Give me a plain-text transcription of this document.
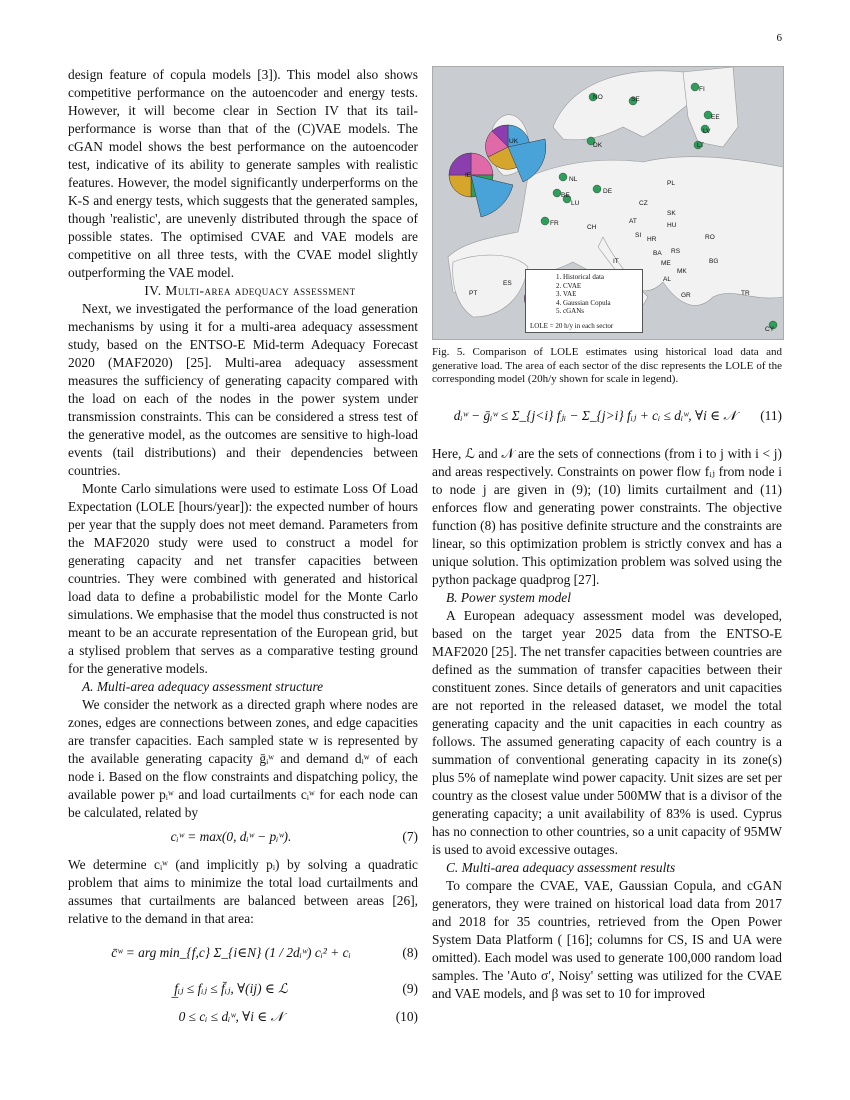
6

design feature of copula models [3]). This model also shows competitive performance on the autoencoder and energy tests. However, it will become clear in Section IV that its tail-performance is worse than that of the (C)VAE models. The cGAN model shows the best performance on the autoencoder test, indicative of its ability to generate samples with realistic features. However, the model significantly underperforms on the K-S and energy tests, which suggests that the generated samples, though 'realistic', are unevenly distributed through the space of possible states. The optimised CVAE and VAE models are competitive on all three tests, with the CVAE model slightly outperforming the VAE model.

IV. Multi-area adequacy assessment

Next, we investigated the performance of the load generation mechanisms by using it for a multi-area adequacy assessment study, based on the ENTSO-E Mid-term Adequacy Forecast 2020 (MAF2020) [25]. Multi-area adequacy assessment measures the sufficiency of generating capacity compared with the load on each of the nodes in the power system under transmission constraints. This can be considered a stress test of the generative model, as the outcomes are sensitive to high-load events (tail distributions) and their dependencies between countries.

Monte Carlo simulations were used to estimate Loss Of Load Expectation (LOLE [hours/year]): the expected number of hours per year that the supply does not meet demand. Parameters from the MAF2020 study were used to construct a model for generating capacity and net transfer capacities between countries. They were combined with generated and historical load data to define a probabilistic model for the Monte Carlo simulations. We emphasise that the model thus constructed is not meant to be an accurate representation of the European grid, but a stylised problem that serves as a comparative testing ground for the generative models.

A. Multi-area adequacy assessment structure

We consider the network as a directed graph where nodes are zones, edges are connections between zones, and edge capacities are transfer capacities. Each sampled state w is represented by the available generating capacity ḡᵢʷ and demand dᵢʷ of each node i. Based on the flow constraints and dispatching policy, the available power pᵢʷ and load curtailments cᵢʷ for each node can be calculated, related by

cᵢʷ = max(0, dᵢʷ − pᵢʷ).	(7)

We determine cᵢʷ (and implicitly pᵢ) by solving a quadratic problem that aims to minimize the total load curtailments and assumes that curtailments are balanced between areas [26], relative to the demand in that area:

c̄ʷ = arg min_{f,c} Σ_{i∈N} (1 / 2dᵢʷ) cᵢ² + cᵢ	(8)
f̲ᵢⱼ ≤ fᵢⱼ ≤ f̄ᵢⱼ, ∀(ij) ∈ ℒ	(9)
0 ≤ cᵢ ≤ dᵢʷ, ∀i ∈ 𝒩	(10)
1. Historical data
2. CVAE
3. VAE
4. Gaussian Copula
5. cGANs
LOLE = 20 h/y in each sector
NO	SE
FI
EE
LV
LT
DK
UK
IE
NL
BE
LU
FR
DE
PL
CZ
SK
CH
AT
SI
HR
HU
RO
BA RS
IT	ME
MK
AL
BG
GR	TR
ES
PT
CY
Fig. 5. Comparison of LOLE estimates using historical load data and generative load. The area of each sector of the disc represents the LOLE of the corresponding model (20h/y shown for scale in legend).
dᵢʷ − ḡᵢʷ ≤ Σ_{j<i} fⱼᵢ − Σ_{j>i} fᵢⱼ + cᵢ ≤ dᵢʷ, ∀i ∈ 𝒩	(11)

Here, ℒ and 𝒩 are the sets of connections (from i to j with i < j) and areas respectively. Constraints on power flow fᵢⱼ from node i to node j are given in (9); (10) limits curtailment and (11) enforces flow and generating power constraints. The objective function (8) has positive definite structure and the constraints are linear, so this optimization problem is strictly convex and has a unique solution. This optimization problem was solved using the python package quadprog [27].

B. Power system model

A European adequacy assessment model was developed, based on the target year 2025 data from the ENTSO-E MAF2020 [25]. The net transfer capacities between countries are defined as the summation of transfer capacities between their constituent zones. Since details of generators and unit capacities are not reported in the released dataset, we model the total generating capacity and the unit capacities in each country as follows. The assumed generating capacity of each country is a summation of conventional generating capacity in its zone(s) plus 5% of nameplate wind power capacity. Unit sizes are set per country as the closest value under 500MW that is a divisor of the generating capacity; a unit availability of 83% is used. Cyprus has no connection to other countries, so a unit capacity of 95MW is used to avoid excessive outages.

C. Multi-area adequacy assessment results

To compare the CVAE, VAE, Gaussian Copula, and cGAN generators, they were trained on historical load data from 2017 and 2018 for 35 countries, retrieved from the Open Power System Data Platform ( [16]; columns for CS, IS and UA were omitted). Each model was used to generate 100,000 random load samples. The 'Auto σ′, Noisy' setting was utilized for the CVAE and VAE models, and β was set to 10 for improved
